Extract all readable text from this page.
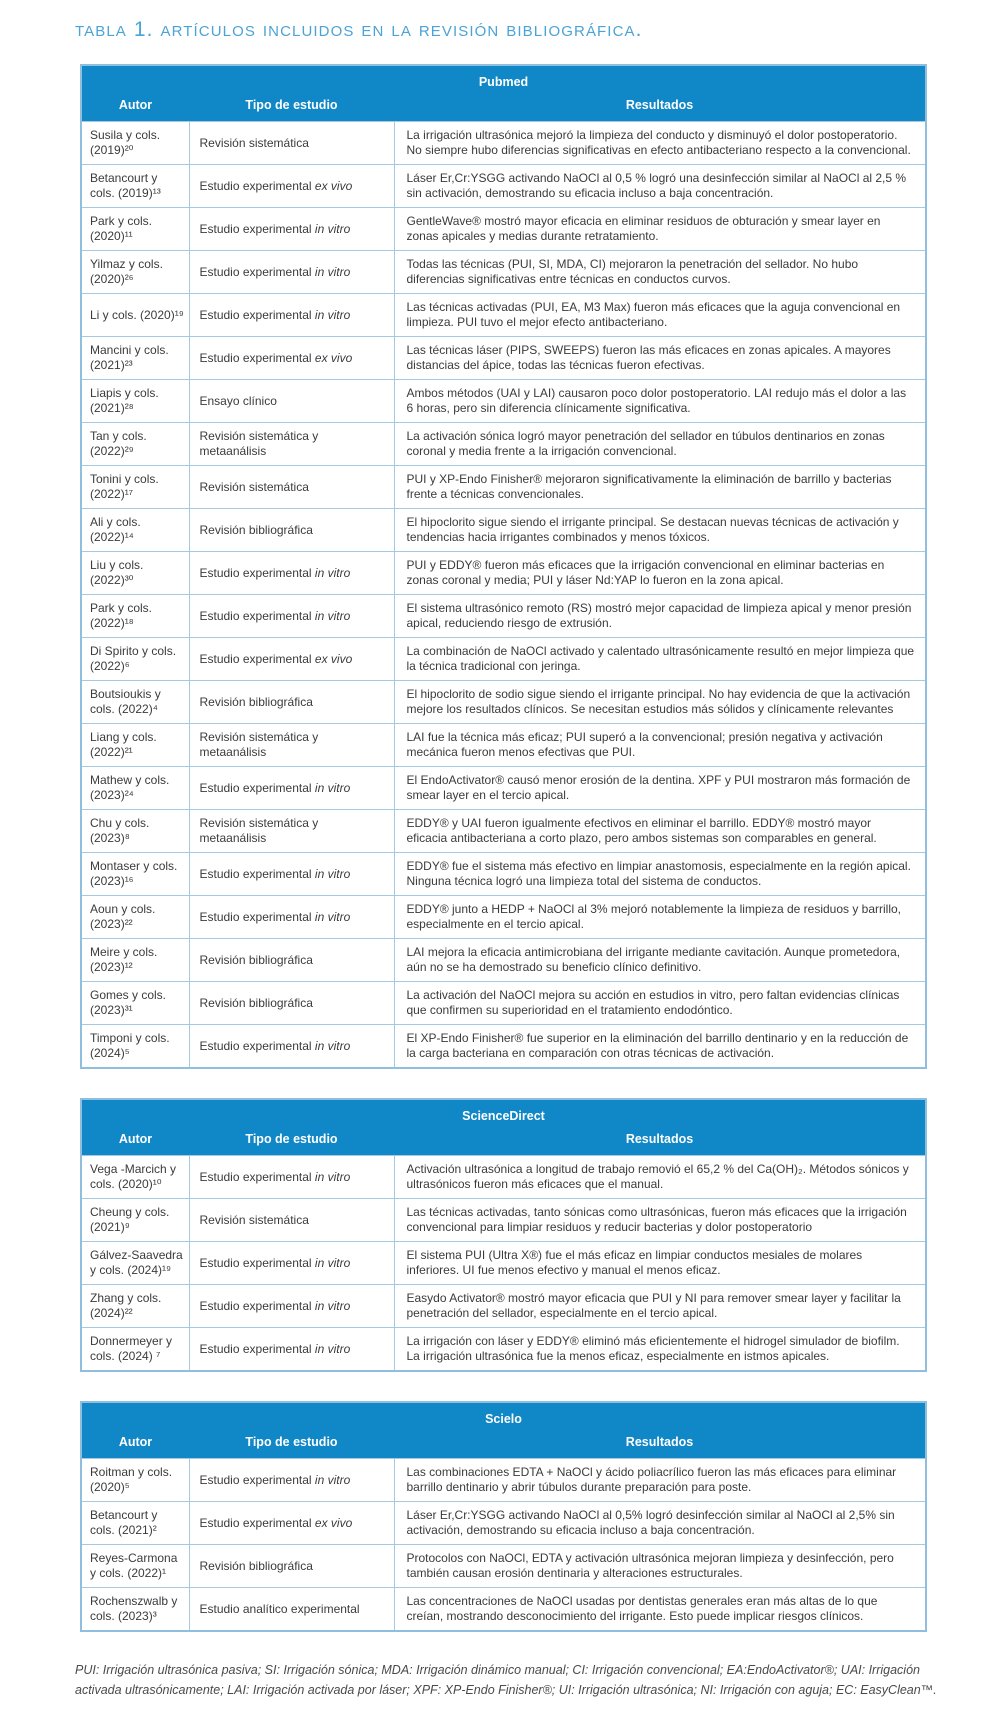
tabla 1. artículos incluidos en la revisión bibliográfica.
Pubmed		
Autor	Tipo de estudio	Resultados
Susila y cols. (2019)²⁰	Revisión sistemática	La irrigación ultrasónica mejoró la limpieza del conducto y disminuyó el dolor postoperatorio. No siempre hubo diferencias significativas en efecto antibacteriano respecto a la convencional.
Betancourt y cols. (2019)¹³	Estudio experimental ex vivo	Láser Er,Cr:YSGG activando NaOCl al 0,5 % logró una desinfección similar al NaOCl al 2,5 % sin activación, demostrando su eficacia incluso a baja concentración.
Park y cols. (2020)¹¹	Estudio experimental in vitro	GentleWave® mostró mayor eficacia en eliminar residuos de obturación y smear layer en zonas apicales y medias durante retratamiento.
Yilmaz y cols. (2020)²⁶	Estudio experimental in vitro	Todas las técnicas (PUI, SI, MDA, CI) mejoraron la penetración del sellador. No hubo diferencias significativas entre técnicas en conductos curvos.
Li y cols. (2020)¹⁹	Estudio experimental in vitro	Las técnicas activadas (PUI, EA, M3 Max) fueron más eficaces que la aguja convencional en limpieza. PUI tuvo el mejor efecto antibacteriano.
Mancini y cols. (2021)²³	Estudio experimental ex vivo	Las técnicas láser (PIPS, SWEEPS) fueron las más eficaces en zonas apicales. A mayores distancias del ápice, todas las técnicas fueron efectivas.
Liapis y cols. (2021)²⁸	Ensayo clínico	Ambos métodos (UAI y LAI) causaron poco dolor postoperatorio. LAI redujo más el dolor a las 6 horas, pero sin diferencia clínicamente significativa.
Tan y cols. (2022)²⁹	Revisión sistemática y metaanálisis	La activación sónica logró mayor penetración del sellador en túbulos dentinarios en zonas coronal y media frente a la irrigación convencional.
Tonini y cols. (2022)¹⁷	Revisión sistemática	PUI y XP-Endo Finisher® mejoraron significativamente la eliminación de barrillo y bacterias frente a técnicas convencionales.
Ali y cols. (2022)¹⁴	Revisión bibliográfica	El hipoclorito sigue siendo el irrigante principal. Se destacan nuevas técnicas de activación y tendencias hacia irrigantes combinados y menos tóxicos.
Liu y cols. (2022)³⁰	Estudio experimental in vitro	PUI y EDDY® fueron más eficaces que la irrigación convencional en eliminar bacterias en zonas coronal y media; PUI y láser Nd:YAP lo fueron en la zona apical.
Park y cols. (2022)¹⁸	Estudio experimental in vitro	El sistema ultrasónico remoto (RS) mostró mejor capacidad de limpieza apical y menor presión apical, reduciendo riesgo de extrusión.
Di Spirito y cols. (2022)⁶	Estudio experimental ex vivo	La combinación de NaOCl activado y calentado ultrasónicamente resultó en mejor limpieza que la técnica tradicional con jeringa.
Boutsioukis y cols. (2022)⁴	Revisión bibliográfica	El hipoclorito de sodio sigue siendo el irrigante principal. No hay evidencia de que la activación mejore los resultados clínicos. Se necesitan estudios más sólidos y clínicamente relevantes
Liang y cols. (2022)²¹	Revisión sistemática y metaanálisis	LAI fue la técnica más eficaz; PUI superó a la convencional; presión negativa y activación mecánica fueron menos efectivas que PUI.
Mathew y cols. (2023)²⁴	Estudio experimental in vitro	El EndoActivator® causó menor erosión de la dentina. XPF y PUI mostraron más formación de smear layer en el tercio apical.
Chu y cols. (2023)⁸	Revisión sistemática y metaanálisis	EDDY® y UAI fueron igualmente efectivos en eliminar el barrillo. EDDY® mostró mayor eficacia antibacteriana a corto plazo, pero ambos sistemas son comparables en general.
Montaser y cols. (2023)¹⁶	Estudio experimental in vitro	EDDY® fue el sistema más efectivo en limpiar anastomosis, especialmente en la región apical. Ninguna técnica logró una limpieza total del sistema de conductos.
Aoun y cols. (2023)²²	Estudio experimental in vitro	EDDY® junto a HEDP + NaOCl al 3% mejoró notablemente la limpieza de residuos y barrillo, especialmente en el tercio apical.
Meire y cols. (2023)¹²	Revisión bibliográfica	LAI mejora la eficacia antimicrobiana del irrigante mediante cavitación. Aunque prometedora, aún no se ha demostrado su beneficio clínico definitivo.
Gomes y cols. (2023)³¹	Revisión bibliográfica	La activación del NaOCl mejora su acción en estudios in vitro, pero faltan evidencias clínicas que confirmen su superioridad en el tratamiento endodóntico.
Timponi y cols. (2024)⁵	Estudio experimental in vitro	El XP-Endo Finisher® fue superior en la eliminación del barrillo dentinario y en la reducción de la carga bacteriana en comparación con otras técnicas de activación.
ScienceDirect		
Autor	Tipo de estudio	Resultados
Vega -Marcich y cols. (2020)¹⁰	Estudio experimental in vitro	Activación ultrasónica a longitud de trabajo removió el 65,2 % del Ca(OH)₂. Métodos sónicos y ultrasónicos fueron más eficaces que el manual.
Cheung y cols. (2021)⁹	Revisión sistemática	Las técnicas activadas, tanto sónicas como ultrasónicas, fueron más eficaces que la irrigación convencional para limpiar residuos y reducir bacterias y dolor postoperatorio
Gálvez-Saavedra y cols. (2024)¹⁹	Estudio experimental in vitro	El sistema PUI (Ultra X®) fue el más eficaz en limpiar conductos mesiales de molares inferiores. UI fue menos efectivo y manual el menos eficaz.
Zhang y cols. (2024)²²	Estudio experimental in vitro	Easydo Activator® mostró mayor eficacia que PUI y NI para remover smear layer y facilitar la penetración del sellador, especialmente en el tercio apical.
Donnermeyer y cols. (2024) ⁷	Estudio experimental in vitro	La irrigación con láser y EDDY® eliminó más eficientemente el hidrogel simulador de biofilm. La irrigación ultrasónica fue la menos eficaz, especialmente en istmos apicales.
Scielo		
Autor	Tipo de estudio	Resultados
Roitman y cols. (2020)⁵	Estudio experimental in vitro	Las combinaciones EDTA + NaOCl y ácido poliacrílico fueron las más eficaces para eliminar barrillo dentinario y abrir túbulos durante preparación para poste.
Betancourt y cols. (2021)²	Estudio experimental ex vivo	Láser Er,Cr:YSGG activando NaOCl al 0,5% logró desinfección similar al NaOCl al 2,5% sin activación, demostrando su eficacia incluso a baja concentración.
Reyes-Carmona y cols. (2022)¹	Revisión bibliográfica	Protocolos con NaOCl, EDTA y activación ultrasónica mejoran limpieza y desinfección, pero también causan erosión dentinaria y alteraciones estructurales.
Rochenszwalb y cols. (2023)³	Estudio analítico experimental	Las concentraciones de NaOCl usadas por dentistas generales eran más altas de lo que creían, mostrando desconocimiento del irrigante. Esto puede implicar riesgos clínicos.

PUI: Irrigación ultrasónica pasiva; SI: Irrigación sónica; MDA: Irrigación dinámico manual; CI: Irrigación convencional; EA:EndoActivator®; UAI: Irrigación activada ultrasónicamente; LAI: Irrigación activada por láser; XPF: XP-Endo Finisher®; UI: Irrigación ultrasónica; NI: Irrigación con aguja; EC: EasyClean™.
